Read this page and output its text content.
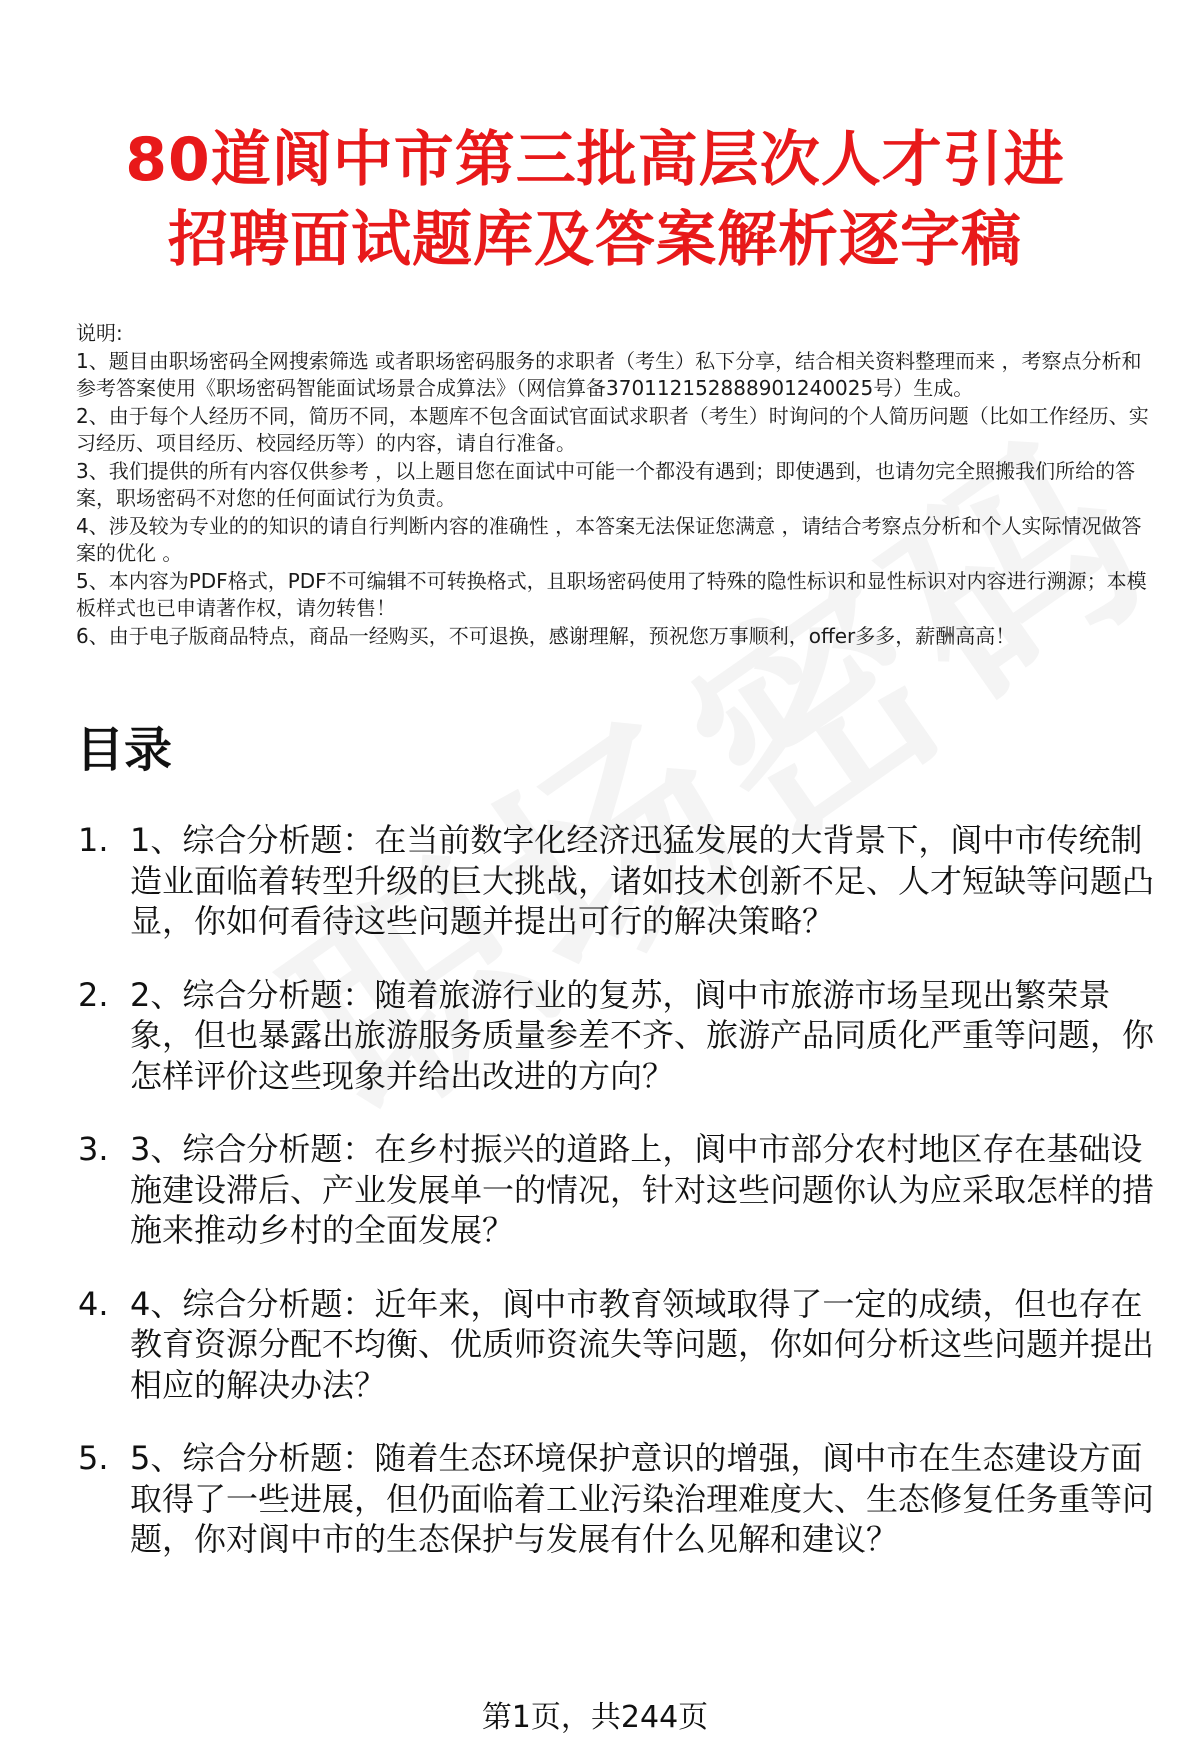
80道阆中市第三批高层次人才引进
招聘面试题库及答案解析逐字稿

说明:

1、题目由职场密码全网搜索筛选 或者职场密码服务的求职者（考生）私下分享，结合相关资料整理而来 ，考察点分析和参考答案使用《职场密码智能面试场景合成算法》（网信算备370112152888901240025号）生成。

2、由于每个人经历不同，简历不同，本题库不包含面试官面试求职者（考生）时询问的个人简历问题（比如工作经历、实习经历、项目经历、校园经历等）的内容，请自行准备。

3、我们提供的所有内容仅供参考 ，以上题目您在面试中可能一个都没有遇到；即使遇到，也请勿完全照搬我们所给的答案，职场密码不对您的任何面试行为负责。

4、涉及较为专业的的知识的请自行判断内容的准确性 ，本答案无法保证您满意 ，请结合考察点分析和个人实际情况做答案的优化 。

5、本内容为PDF格式，PDF不可编辑不可转换格式，且职场密码使用了特殊的隐性标识和显性标识对内容进行溯源；本模板样式也已申请著作权，请勿转售！

6、由于电子版商品特点，商品一经购买，不可退换，感谢理解，预祝您万事顺利，offer多多，薪酬高高！

目录
1. 1、综合分析题：在当前数字化经济迅猛发展的大背景下，阆中市传统制造业面临着转型升级的巨大挑战，诸如技术创新不足、人才短缺等问题凸显，你如何看待这些问题并提出可行的解决策略？
2. 2、综合分析题：随着旅游行业的复苏，阆中市旅游市场呈现出繁荣景象，但也暴露出旅游服务质量参差不齐、旅游产品同质化严重等问题，你怎样评价这些现象并给出改进的方向？
3. 3、综合分析题：在乡村振兴的道路上，阆中市部分农村地区存在基础设施建设滞后、产业发展单一的情况，针对这些问题你认为应采取怎样的措施来推动乡村的全面发展？
4. 4、综合分析题：近年来，阆中市教育领域取得了一定的成绩，但也存在教育资源分配不均衡、优质师资流失等问题，你如何分析这些问题并提出相应的解决办法？
5. 5、综合分析题：随着生态环境保护意识的增强，阆中市在生态建设方面取得了一些进展，但仍面临着工业污染治理难度大、生态修复任务重等问题，你对阆中市的生态保护与发展有什么见解和建议？
第1页，共244页
